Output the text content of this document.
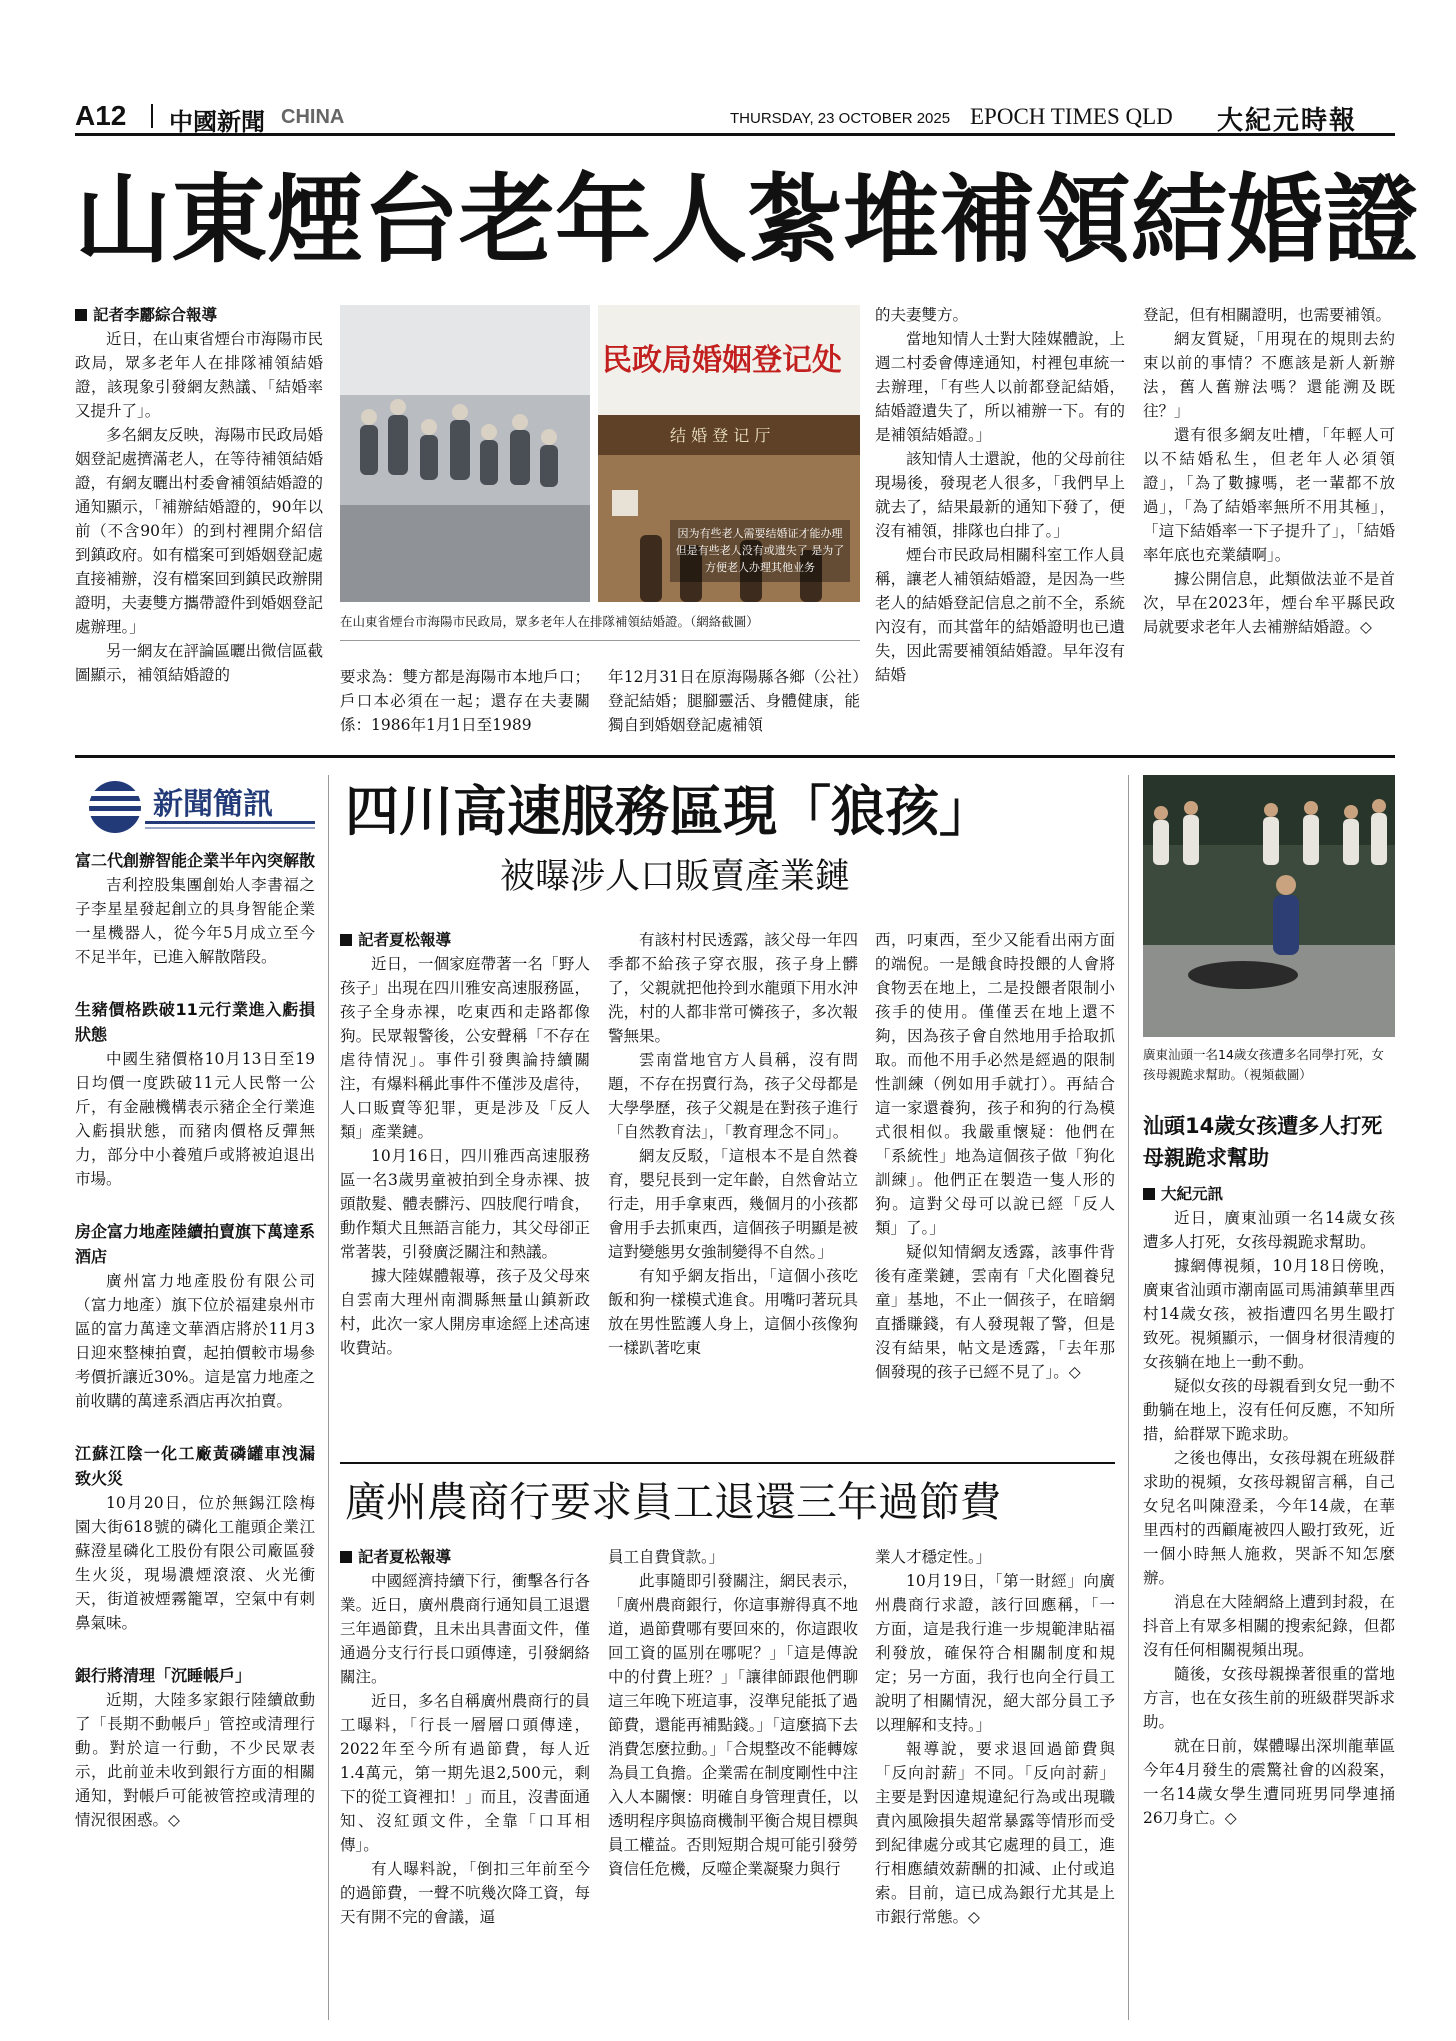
A12 中國新聞 CHINA	THURSDAY, 23 OCTOBER 2025 EPOCH TIMES QLD 大紀元時報
山東煙台老年人紮堆補領結婚證
記者李酈綜合報導

近日，在山東省煙台市海陽市民政局，眾多老年人在排隊補領結婚證，該現象引發網友熱議、「結婚率又提升了」。

多名網友反映，海陽市民政局婚姻登記處擠滿老人，在等待補領結婚證，有網友曬出村委會補領結婚證的通知顯示，「補辦結婚證的，90年以前（不含90年）的到村裡開介紹信到鎮政府。如有檔案可到婚姻登記處直接補辦，沒有檔案回到鎮民政辦開證明，夫妻雙方攜帶證件到婚姻登記處辦理。」

另一網友在評論區曬出微信區截圖顯示，補領結婚證的

民政局婚姻登记处
结 婚 登 记 厅
因为有些老人需要结婚证才能办理 但是有些老人没有或遗失了 是为了方便老人办理其他业务
在山東省煙台市海陽市民政局，眾多老年人在排隊補領結婚證。（網絡截圖）
要求為：雙方都是海陽市本地戶口；戶口本必須在一起；還存在夫妻關係：1986年1月1日至1989
年12月31日在原海陽縣各鄉（公社）登記結婚；腿腳靈活、身體健康，能獨自到婚姻登記處補領
的夫妻雙方。

當地知情人士對大陸媒體說，上週二村委會傳達通知，村裡包車統一去辦理，「有些人以前都登記結婚，結婚證遺失了，所以補辦一下。有的是補領結婚證。」

該知情人士還說，他的父母前往現場後，發現老人很多，「我們早上就去了，結果最新的通知下發了，便沒有補領，排隊也白排了。」

煙台市民政局相關科室工作人員稱，讓老人補領結婚證，是因為一些老人的結婚登記信息之前不全，系統內沒有，而其當年的結婚證明也已遺失，因此需要補領結婚證。早年沒有結婚

登記，但有相關證明，也需要補領。

網友質疑，「用現在的規則去約束以前的事情？不應該是新人新辦法，舊人舊辦法嗎？還能溯及既往？」

還有很多網友吐槽，「年輕人可以不結婚私生，但老年人必須領證」，「為了數據嗎，老一輩都不放過」，「為了結婚率無所不用其極」，「這下結婚率一下子提升了」，「結婚率年底也充業績啊」。

據公開信息，此類做法並不是首次，早在2023年，煙台牟平縣民政局就要求老年人去補辦結婚證。◇

新聞簡訊
富二代創辦智能企業半年內突解散
吉利控股集團創始人李書福之子李星星發起創立的具身智能企業一星機器人，從今年5月成立至今不足半年，已進入解散階段。
生豬價格跌破11元行業進入虧損狀態
中國生豬價格10月13日至19日均價一度跌破11元人民幣一公斤，有金融機構表示豬企全行業進入虧損狀態，而豬肉價格反彈無力，部分中小養殖戶或將被迫退出市場。
房企富力地產陸續拍賣旗下萬達系酒店
廣州富力地產股份有限公司（富力地產）旗下位於福建泉州市區的富力萬達文華酒店將於11月3日迎來整棟拍賣，起拍價較市場參考價折讓近30%。這是富力地產之前收購的萬達系酒店再次拍賣。
江蘇江陰一化工廠黃磷罐車洩漏 致火災
10月20日，位於無錫江陰梅園大街618號的磷化工龍頭企業江蘇澄星磷化工股份有限公司廠區發生火災，現場濃煙滾滾、火光衝天，街道被煙霧籠罩，空氣中有刺鼻氣味。
銀行將清理「沉睡帳戶」
近期，大陸多家銀行陸續啟動了「長期不動帳戶」管控或清理行動。對於這一行動，不少民眾表示，此前並未收到銀行方面的相關通知，對帳戶可能被管控或清理的情況很困惑。◇
四川高速服務區現「狼孩」
被曝涉人口販賣產業鏈
記者夏松報導

近日，一個家庭帶著一名「野人孩子」出現在四川雅安高速服務區，孩子全身赤裸，吃東西和走路都像狗。民眾報警後，公安聲稱「不存在虐待情況」。事件引發輿論持續關注，有爆料稱此事件不僅涉及虐待，人口販賣等犯罪，更是涉及「反人類」產業鏈。

10月16日，四川雅西高速服務區一名3歲男童被拍到全身赤裸、披頭散髮、體表髒污、四肢爬行啃食，動作類犬且無語言能力，其父母卻正常著裝，引發廣泛關注和熱議。

據大陸媒體報導，孩子及父母來自雲南大理州南澗縣無量山鎮新政村，此次一家人開房車途經上述高速收費站。

有該村村民透露，該父母一年四季都不給孩子穿衣服，孩子身上髒了，父親就把他拎到水龍頭下用水沖洗，村的人都非常可憐孩子，多次報警無果。

雲南當地官方人員稱，沒有問題，不存在拐賣行為，孩子父母都是大學學歷，孩子父親是在對孩子進行「自然教育法」，「教育理念不同」。

網友反駁，「這根本不是自然養育，嬰兒長到一定年齡，自然會站立行走，用手拿東西，幾個月的小孩都會用手去抓東西，這個孩子明顯是被這對變態男女強制變得不自然。」

有知乎網友指出，「這個小孩吃飯和狗一樣模式進食。用嘴叼著玩具放在男性監護人身上，這個小孩像狗一樣趴著吃東

西，叼東西，至少又能看出兩方面的端倪。一是餓食時投餵的人會將食物丟在地上，二是投餵者限制小孩手的使用。僅僅丟在地上還不夠，因為孩子會自然地用手拾取抓取。而他不用手必然是經過的限制性訓練（例如用手就打）。再結合這一家還養狗，孩子和狗的行為模式很相似。我嚴重懷疑：他們在「系統性」地為這個孩子做「狗化訓練」。他們正在製造一隻人形的狗。這對父母可以說已經「反人類」了。」

疑似知情網友透露，該事件背後有產業鏈，雲南有「犬化圈養兒童」基地，不止一個孩子，在暗網直播賺錢，有人發現報了警，但是沒有結果，帖文是透露，「去年那個發現的孩子已經不見了」。◇

廣州農商行要求員工退還三年過節費
記者夏松報導

中國經濟持續下行，衝擊各行各業。近日，廣州農商行通知員工退還三年過節費，且未出具書面文件，僅通過分支行行長口頭傳達，引發網絡關注。

近日，多名自稱廣州農商行的員工曝料，「行長一層層口頭傳達，2022年至今所有過節費，每人近1.4萬元，第一期先退2,500元，剩下的從工資裡扣！」而且，沒書面通知、沒紅頭文件，全靠「口耳相傳」。

有人曝料說，「倒扣三年前至今的過節費，一聲不吭幾次降工資，每天有開不完的會議，逼

員工自費貸款。」

此事隨即引發關注，網民表示，「廣州農商銀行，你這事辦得真不地道，過節費哪有要回來的，你這跟收回工資的區別在哪呢？」「這是傳說中的付費上班？」「讓律師跟他們聊這三年晚下班這事，沒準兒能抵了過節費，還能再補點錢。」「這麼搞下去消費怎麼拉動。」「合規整改不能轉嫁為員工負擔。企業需在制度剛性中注入人本關懷：明確自身管理責任，以透明程序與協商機制平衡合規目標與員工權益。否則短期合規可能引發勞資信任危機，反噬企業凝聚力與行

業人才穩定性。」

10月19日，「第一財經」向廣州農商行求證，該行回應稱，「一方面，這是我行進一步規範津貼福利發放，確保符合相關制度和規定；另一方面，我行也向全行員工說明了相關情況，絕大部分員工予以理解和支持。」

報導說，要求退回過節費與「反向討薪」不同。「反向討薪」主要是對因違規違紀行為或出現職責內風險損失超常暴露等情形而受到紀律處分或其它處理的員工，進行相應績效薪酬的扣減、止付或追索。目前，這已成為銀行尤其是上市銀行常態。◇

廣東汕頭一名14歲女孩遭多名同學打死，女孩母親跪求幫助。（視頻截圖）
汕頭14歲女孩遭多人打死母親跪求幫助
大紀元訊

近日，廣東汕頭一名14歲女孩遭多人打死，女孩母親跪求幫助。

據網傳視頻，10月18日傍晚，廣東省汕頭市潮南區司馬浦鎮華里西村14歲女孩，被指遭四名男生毆打致死。視頻顯示，一個身材很清瘦的女孩躺在地上一動不動。

疑似女孩的母親看到女兒一動不動躺在地上，沒有任何反應，不知所措，給群眾下跪求助。

之後也傳出，女孩母親在班級群求助的視頻，女孩母親留言稱，自己女兒名叫陳澄柔，今年14歲，在華里西村的西顧庵被四人毆打致死，近一個小時無人施救，哭訴不知怎麼辦。

消息在大陸網絡上遭到封殺，在抖音上有眾多相關的搜索紀錄，但都沒有任何相關視頻出現。

隨後，女孩母親操著很重的當地方言，也在女孩生前的班級群哭訴求助。

就在日前，媒體曝出深圳龍華區今年4月發生的震驚社會的凶殺案，一名14歲女學生遭同班男同學連捅26刀身亡。◇
